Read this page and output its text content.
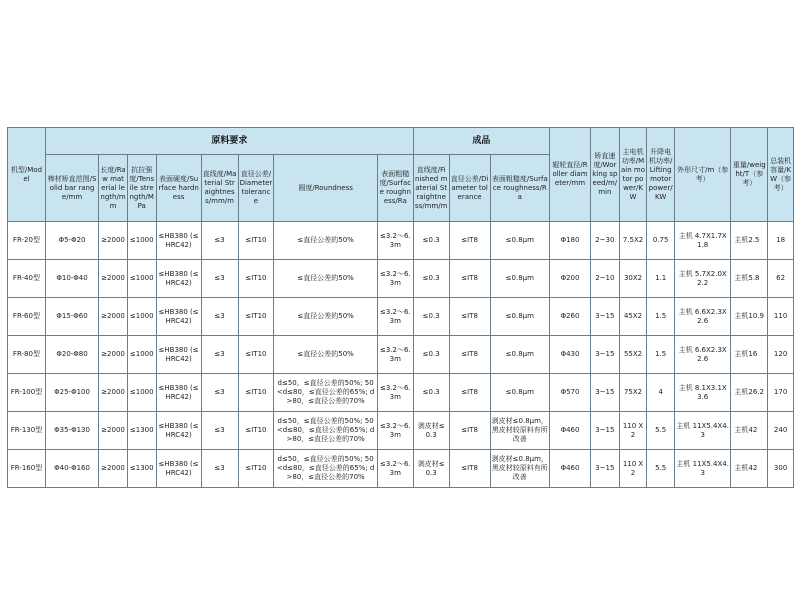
机型/Model	原料要求								成品			辊轮直径/Roller diameter/mm	矫直速度/Working speed/m/min	主电机功率/Main motor power/KW	升降电机功率/Lifting motor power/KW	外形尺寸/m（参考）	重量/weight/T（参考）	总装机容量/KW（参考）
	棒材矫直范围/Solid bar range/mm	长度/Raw material length/mm	抗拉强度/Tensile strength/MPa	表面硬度/Surface hardness	直线度/Material Straightness/mm/m	直径公差/Diameter tolerance	圆度/Roundness	表面粗糙度/Surface roughness/Ra	直线度/Finished material Straightness/mm/m	直径公差/Diameter tolerance	表面粗糙度/Surface roughness/Ra							
FR-20型	Φ5-Φ20	≥2000	≤1000	≤HB380 (≤HRC42)	≤3	≤IT10	≤直径公差的50%	≤3.2～6.3m	≤0.3	≤IT8	≤0.8μm	Φ180	2~30	7.5X2	0.75	主机 4.7X1.7X1.8	主机2.5	18
FR-40型	Φ10-Φ40	≥2000	≤1000	≤HB380 (≤HRC42)	≤3	≤IT10	≤直径公差的50%	≤3.2～6.3m	≤0.3	≤IT8	≤0.8μm	Φ200	2~10	30X2	1.1	主机 5.7X2.0X2.2	主机5.8	62
FR-60型	Φ15-Φ60	≥2000	≤1000	≤HB380 (≤HRC42)	≤3	≤IT10	≤直径公差的50%	≤3.2～6.3m	≤0.3	≤IT8	≤0.8μm	Φ260	3~15	45X2	1.5	主机 6.6X2.3X2.6	主机10.9	110
FR-80型	Φ20-Φ80	≥2000	≤1000	≤HB380 (≤HRC42)	≤3	≤IT10	≤直径公差的50%	≤3.2～6.3m	≤0.3	≤IT8	≤0.8μm	Φ430	3~15	55X2	1.5	主机 6.6X2.3X2.6	主机16	120
FR-100型	Φ25-Φ100	≥2000	≤1000	≤HB380 (≤HRC42)	≤3	≤IT10	d≤50，≤直径公差的50%; 50<d≤80，≤直径公差的65%; d>80，≤直径公差的70%	≤3.2～6.3m	≤0.3	≤IT8	≤0.8μm	Φ570	3~15	75X2	4	主机 8.1X3.1X3.6	主机26.2	170
FR-130型	Φ35-Φ130	≥2000	≤1300	≤HB380 (≤HRC42)	≤3	≤IT10	d≤50，≤直径公差的50%; 50<d≤80，≤直径公差的65%; d>80，≤直径公差的70%	≤3.2～6.3m	剥皮材≤0.3	≤IT8	剥皮材≤0.8μm，黑皮材较原料有所改善	Φ460	3~15	110 X2	5.5	主机 11X5.4X4.3	主机42	240
FR-160型	Φ40-Φ160	≥2000	≤1300	≤HB380 (≤HRC42)	≤3	≤IT10	d≤50，≤直径公差的50%; 50<d≤80，≤直径公差的65%; d>80，≤直径公差的70%	≤3.2～6.3m	剥皮材≤0.3	≤IT8	剥皮材≤0.8μm，黑皮材较原料有所改善	Φ460	3~15	110 X2	5.5	主机 11X5.4X4.3	主机42	300
